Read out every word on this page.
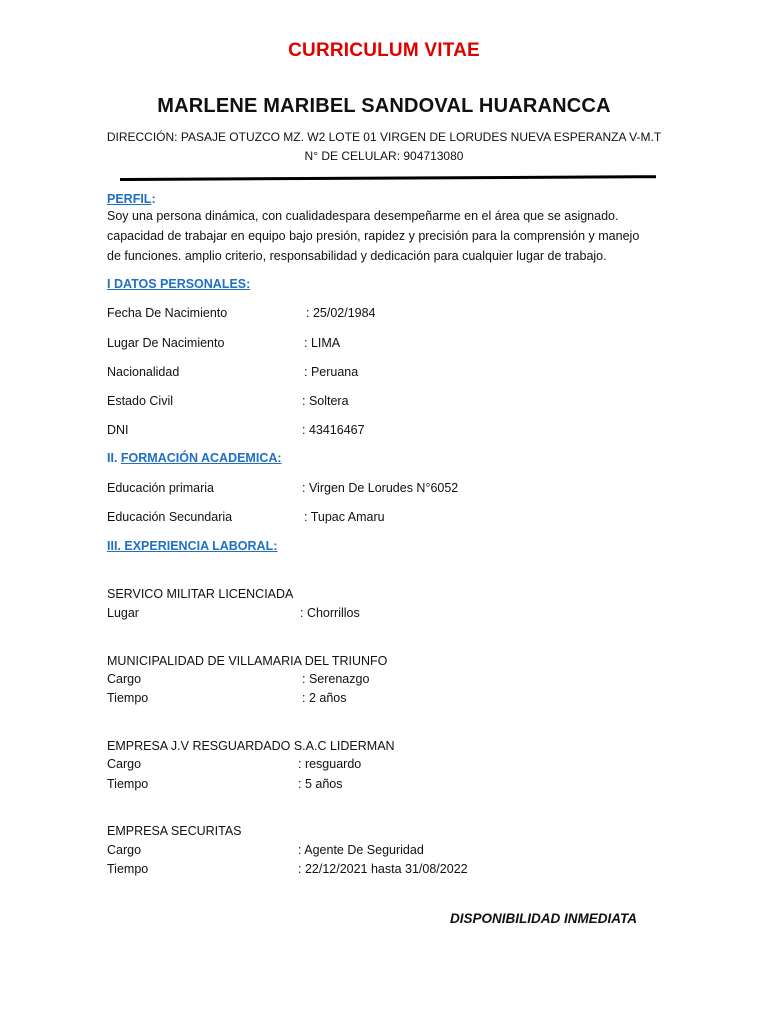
CURRICULUM VITAE
MARLENE MARIBEL SANDOVAL HUARANCCA
DIRECCIÓN: PASAJE OTUZCO MZ. W2 LOTE 01 VIRGEN DE LORUDES NUEVA ESPERANZA V-M.T
N° DE CELULAR: 904713080
PERFIL:
Soy una persona dinámica, con cualidadespara desempeñarme en el área que se asignado.
capacidad de trabajar en equipo bajo presión, rapidez y precisión para la comprensión y manejo
de funciones. amplio criterio, responsabilidad y dedicación para cualquier lugar de trabajo.
I DATOS PERSONALES:
Fecha De Nacimiento	: 25/02/1984
Lugar De Nacimiento	: LIMA
Nacionalidad	: Peruana
Estado Civil	: Soltera
DNI	: 43416467
II. FORMACIÓN ACADEMICA:
Educación primaria	: Virgen De Lorudes N°6052
Educación Secundaria	: Tupac Amaru
III. EXPERIENCIA LABORAL:
SERVICO MILITAR LICENCIADA
Lugar	: Chorrillos
MUNICIPALIDAD DE VILLAMARIA DEL TRIUNFO
Cargo	: Serenazgo
Tiempo	: 2 años
EMPRESA J.V RESGUARDADO S.A.C LIDERMAN
Cargo	: resguardo
Tiempo	: 5 años
EMPRESA SECURITAS
Cargo	: Agente De Seguridad
Tiempo	: 22/12/2021 hasta 31/08/2022
DISPONIBILIDAD INMEDIATA
